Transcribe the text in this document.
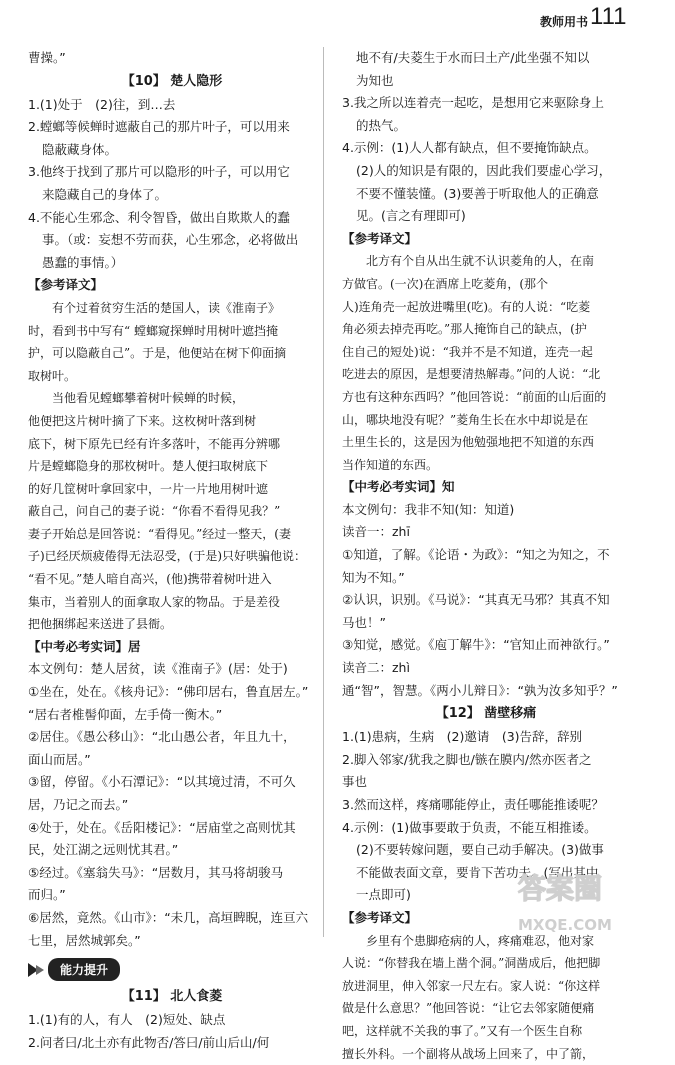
教师用书 111

曹操。”

【10】 楚人隐形

1.(1)处于　(2)往，到…去

2.螳螂等候蝉时遮蔽自己的那片叶子，可以用来

隐蔽藏身体。

3.他终于找到了那片可以隐形的叶子，可以用它

来隐藏自己的身体了。

4.不能心生邪念、利令智昏，做出自欺欺人的蠢

事。（或：妄想不劳而获，心生邪念，必将做出

愚蠢的事情。）

【参考译文】

有个过着贫穷生活的楚国人，读《淮南子》

时，看到书中写有“ 螳螂窥探蝉时用树叶遮挡掩

护，可以隐蔽自己”。于是，他便站在树下仰面摘

取树叶。

当他看见螳螂攀着树叶候蝉的时候，

他便把这片树叶摘了下来。这枚树叶落到树

底下，树下原先已经有许多落叶，不能再分辨哪

片是螳螂隐身的那枚树叶。楚人便扫取树底下

的好几筐树叶拿回家中，一片一片地用树叶遮

蔽自己，问自己的妻子说：“你看不看得见我？”

妻子开始总是回答说：“看得见。”经过一整天，(妻

子)已经厌烦疲倦得无法忍受，(于是)只好哄骗他说：

“看不见。”楚人暗自高兴，(他)携带着树叶进入

集市，当着别人的面拿取人家的物品。于是差役

把他捆绑起来送进了县衙。

【中考必考实词】居

本文例句：楚人居贫，读《淮南子》(居：处于)

①坐在，处在。《核舟记》：“佛印居右，鲁直居左。”

“居右者椎髻仰面，左手倚一衡木。”

②居住。《愚公移山》：“北山愚公者，年且九十，

面山而居。”

③留，停留。《小石潭记》：“以其境过清，不可久

居，乃记之而去。”

④处于，处在。《岳阳楼记》：“居庙堂之高则忧其

民，处江湖之远则忧其君。”

⑤经过。《塞翁失马》：“居数月，其马将胡骏马

而归。”

⑥居然，竟然。《山市》：“未几，高垣睥睨，连亘六

七里，居然城郭矣。”

能力提升

【11】 北人食菱

1.(1)有的人，有人　(2)短处、缺点

2.问者曰/北土亦有此物否/答曰/前山后山/何

地不有/夫菱生于水而曰土产/此坐强不知以

为知也

3.我之所以连着壳一起吃，是想用它来驱除身上

的热气。

4.示例：(1)人人都有缺点，但不要掩饰缺点。

(2)人的知识是有限的，因此我们要虚心学习，

不要不懂装懂。(3)要善于听取他人的正确意

见。(言之有理即可)

【参考译文】

北方有个自从出生就不认识菱角的人，在南

方做官。(一次)在酒席上吃菱角，(那个

人)连角壳一起放进嘴里(吃)。有的人说：“吃菱

角必须去掉壳再吃。”那人掩饰自己的缺点，(护

住自己的短处)说：“我并不是不知道，连壳一起

吃进去的原因，是想要清热解毒。”问的人说：“北

方也有这种东西吗？”他回答说：“前面的山后面的

山，哪块地没有呢？”菱角生长在水中却说是在

土里生长的，这是因为他勉强地把不知道的东西

当作知道的东西。

【中考必考实词】知

本文例句：我非不知(知：知道)

读音一：zhī

①知道，了解。《论语・为政》：“知之为知之，不

知为不知。”

②认识，识别。《马说》：“其真无马邪？其真不知

马也！”

③知觉，感觉。《庖丁解牛》：“官知止而神欲行。”

读音二：zhì

通“智”，智慧。《两小儿辩日》：“孰为汝多知乎？”

【12】 凿壁移痛

1.(1)患病，生病　(2)邀请　(3)告辞，辞别

2.脚入邻家/犹我之脚也/镞在膜内/然亦医者之

事也

3.然而这样，疼痛哪能停止，责任哪能推诿呢？

4.示例：(1)做事要敢于负责，不能互相推诿。

(2)不要转嫁问题，要自己动手解决。(3)做事

不能做表面文章，要肯下苦功夫。(写出其中

一点即可)

【参考译文】

乡里有个患脚疮病的人，疼痛难忍，他对家

人说：“你替我在墙上凿个洞。”洞凿成后，他把脚

放进洞里，伸入邻家一尺左右。家人说：“你这样

做是什么意思？”他回答说：“让它去邻家随便痛

吧，这样就不关我的事了。”又有一个医生自称

擅长外科。一个副将从战场上回来了，中了箭，

答案圈
MXQE.COM
